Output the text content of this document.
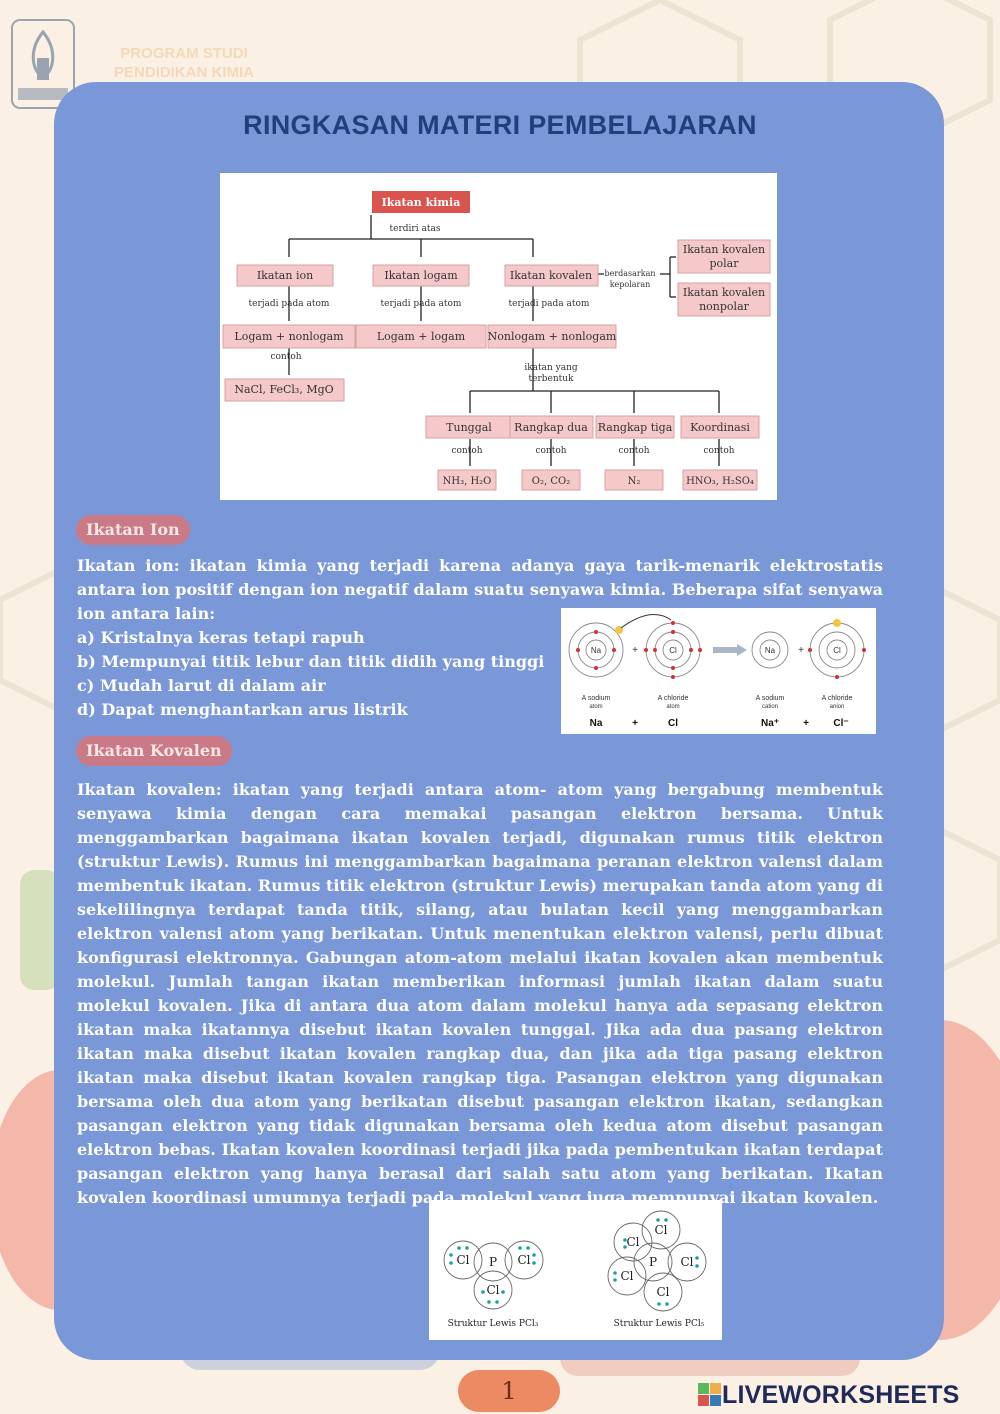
PROGRAM STUDI
PENDIDIKAN KIMIA
RINGKASAN MATERI PEMBELAJARAN
Ikatan kimia
terdiri atas
Ikatan ion	Ikatan logam	Ikatan kovalen
terjadi pada atom	terjadi pada atom	terjadi pada atom
berdasarkan
kepolaran
Ikatan kovalen
polar
Ikatan kovalen
nonpolar
Logam + nonlogam	Logam + logam Nonlogam + nonlogam
contoh
NaCl, FeCl₃, MgO
ikatan yang
terbentuk
Tunggal Rangkap dua Rangkap tiga Koordinasi
contoh	contoh	contoh	contoh
NH₃, H₂O	O₂, CO₂	N₂	HNO₃, H₂SO₄
Ikatan Ion
Ikatan ion: ikatan kimia yang terjadi karena adanya gaya tarik-menarik elektrostatis antara ion positif dengan ion negatif dalam suatu senyawa kimia. Beberapa sifat senyawa ion antara lain:
a) Kristalnya keras tetapi rapuh
b) Mempunyai titik lebur dan titik didih yang tinggi
c) Mudah larut di dalam air
d) Dapat menghantarkan arus listrik
Na	Cl	Na	Cl
+	+
A sodium
atom
A chloride
atom
A sodium
cation
A chloride
anion
Na	+	Cl	Na⁺ + Cl⁻
Ikatan Kovalen
Ikatan kovalen: ikatan yang terjadi antara atom- atom yang bergabung membentuk senyawa kimia dengan cara memakai pasangan elektron bersama. Untuk menggambarkan bagaimana ikatan kovalen terjadi, digunakan rumus titik elektron (struktur Lewis). Rumus ini menggambarkan bagaimana peranan elektron valensi dalam membentuk ikatan. Rumus titik elektron (struktur Lewis) merupakan tanda atom yang di sekelilingnya terdapat tanda titik, silang, atau bulatan kecil yang menggambarkan elektron valensi atom yang berikatan. Untuk menentukan elektron valensi, perlu dibuat konfigurasi elektronnya. Gabungan atom-atom melalui ikatan kovalen akan membentuk molekul. Jumlah tangan ikatan memberikan informasi jumlah ikatan dalam suatu molekul kovalen. Jika di antara dua atom dalam molekul hanya ada sepasang elektron ikatan maka ikatannya disebut ikatan kovalen tunggal. Jika ada dua pasang elektron ikatan maka disebut ikatan kovalen rangkap dua, dan jika ada tiga pasang elektron ikatan maka disebut ikatan kovalen rangkap tiga. Pasangan elektron yang digunakan bersama oleh dua atom yang berikatan disebut pasangan elektron ikatan, sedangkan pasangan elektron yang tidak digunakan bersama oleh kedua atom disebut pasangan elektron bebas. Ikatan kovalen koordinasi terjadi jika pada pembentukan ikatan terdapat pasangan elektron yang hanya berasal dari salah satu atom yang berikatan. Ikatan kovalen koordinasi umumnya terjadi pada molekul yang juga mempunyai ikatan kovalen.
Cl P Cl
Cl
Cl
Cl
Cl
P Cl
Cl
Struktur Lewis PCl₃	Struktur Lewis PCl₅
1	LIVEWORKSHEETS
